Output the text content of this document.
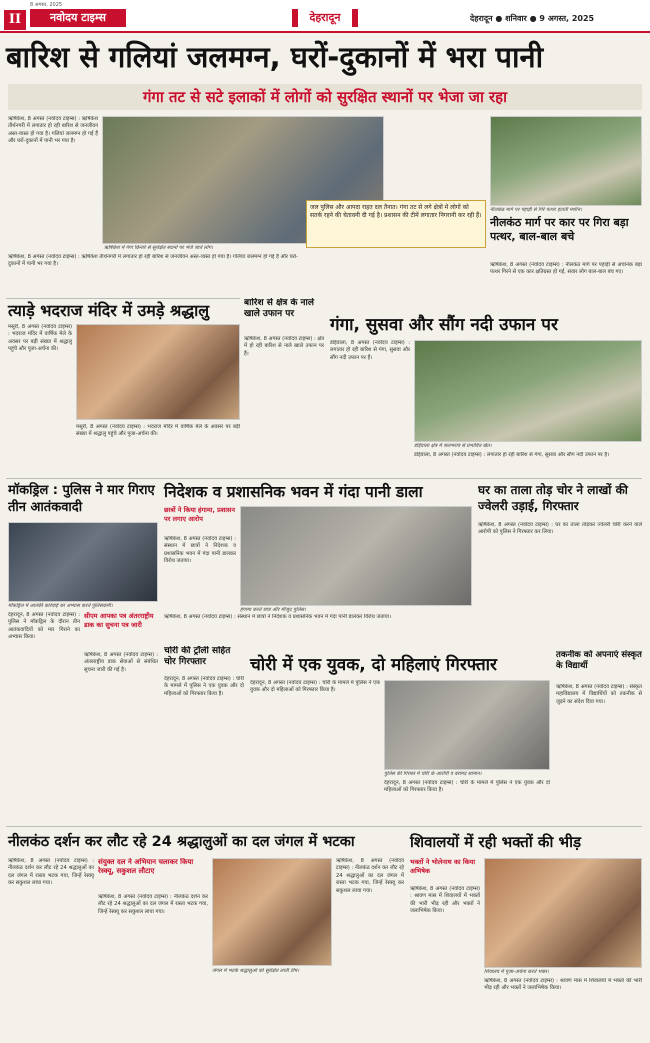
II
8 अगस्त, 2025
नवोदय टाइम्स	देहरादून	देहरादून ● शनिवार ● 9 अगस्त, 2025
बारिश से गलियां जलमग्न, घरों-दुकानों में भरा पानी
गंगा तट से सटे इलाकों में लोगों को सुरक्षित स्थानों पर भेजा जा रहा
ऋषिकेश, 8 अगस्त (नवोदय टाइम्स) : ऋषिकेश तीर्थनगरी में लगातार हो रही बारिश से जनजीवन अस्त-व्यस्त हो गया है। गलियां जलमग्न हो गई हैं और घरों-दुकानों में पानी भर गया है।
ऋषिकेश में गंगा किनारे से सुरक्षित स्थानों पर भेजे जाते लोग।
जल पुलिस और आपदा राहत दल तैनात। गंगा तट से लगे क्षेत्रों में लोगों को सतर्क रहने की चेतावनी दी गई है। प्रशासन की टीमें लगातार निगरानी कर रही हैं।
ऋषिकेश, 8 अगस्त (नवोदय टाइम्स) : ऋषिकेश तीर्थनगरी में लगातार हो रही बारिश से जनजीवन अस्त-व्यस्त हो गया है। गलियां जलमग्न हो गई हैं और घरों-दुकानों में पानी भर गया है।
नीलकंठ मार्ग पर पहाड़ी से गिरे पत्थर हटाती मशीन।
नीलकंठ मार्ग पर कार पर गिरा बड़ा पत्थर, बाल-बाल बचे
ऋषिकेश, 8 अगस्त (नवोदय टाइम्स) : नीलकंठ मार्ग पर पहाड़ी से अचानक बड़ा पत्थर गिरने से एक कार क्षतिग्रस्त हो गई, सवार लोग बाल-बाल बच गए।
त्याड़े भदराज मंदिर में उमड़े श्रद्धालु
मसूरी, 8 अगस्त (नवोदय टाइम्स) : भदराज मंदिर में वार्षिक मेले के अवसर पर बड़ी संख्या में श्रद्धालु पहुंचे और पूजा-अर्चना की।
मसूरी, 8 अगस्त (नवोदय टाइम्स) : भदराज मंदिर में वार्षिक मेले के अवसर पर बड़ी संख्या में श्रद्धालु पहुंचे और पूजा-अर्चना की।
बारिश से क्षेत्र के नाले खाले उफान पर
ऋषिकेश, 8 अगस्त (नवोदय टाइम्स) : क्षेत्र में हो रही बारिश से नाले खाले उफान पर हैं।
गंगा, सुसवा और सौंग नदी उफान पर
डोईवाला, 8 अगस्त (नवोदय टाइम्स) : लगातार हो रही बारिश से गंगा, सुसवा और सौंग नदी उफान पर हैं।
डोईवाला क्षेत्र में जलभराव से प्रभावित खेत।
डोईवाला, 8 अगस्त (नवोदय टाइम्स) : लगातार हो रही बारिश से गंगा, सुसवा और सौंग नदी उफान पर हैं।
मॉकड्रिल : पुलिस ने मार गिराए तीन आतंकवादी
मॉकड्रिल में आतंकी कार्रवाई का अभ्यास करते पुलिसकर्मी।
देहरादून, 8 अगस्त (नवोदय टाइम्स) : पुलिस ने मॉकड्रिल के दौरान तीन आतंकवादियों को मार गिराने का अभ्यास किया।
निदेशक व प्रशासनिक भवन में गंदा पानी डाला
छात्रों ने किया हंगामा, प्रशासन पर लगाए आरोप
ऋषिकेश, 8 अगस्त (नवोदय टाइम्स) : संस्थान में छात्रों ने निदेशक व प्रशासनिक भवन में गंदा पानी डालकर विरोध जताया।
हंगामा करते छात्र और मौजूद पुलिस।
ऋषिकेश, 8 अगस्त (नवोदय टाइम्स) : संस्थान में छात्रों ने निदेशक व प्रशासनिक भवन में गंदा पानी डालकर विरोध जताया।
घर का ताला तोड़ चोर ने लाखों की ज्वेलरी उड़ाई, गिरफ्तार
ऋषिकेश, 8 अगस्त (नवोदय टाइम्स) : घर का ताला तोड़कर ज्वेलरी चोरी करने वाले आरोपी को पुलिस ने गिरफ्तार कर लिया।
सीएम आपका पत्र अंतरराष्ट्रीय डाक का सुचना पत्र जारी
ऋषिकेश, 8 अगस्त (नवोदय टाइम्स) : अंतरराष्ट्रीय डाक सेवाओं से संबंधित सूचना जारी की गई है।
चोरी की ट्रॉली सहित चोर गिरफ्तार
देहरादून, 8 अगस्त (नवोदय टाइम्स) : चोरी के मामले में पुलिस ने एक युवक और दो महिलाओं को गिरफ्तार किया है।
चोरी में एक युवक, दो महिलाएं गिरफ्तार
देहरादून, 8 अगस्त (नवोदय टाइम्स) : चोरी के मामले में पुलिस ने एक युवक और दो महिलाओं को गिरफ्तार किया है।
पुलिस की गिरफ्त में चोरी के आरोपी व बरामद सामान।
देहरादून, 8 अगस्त (नवोदय टाइम्स) : चोरी के मामले में पुलिस ने एक युवक और दो महिलाओं को गिरफ्तार किया है।
तकनीक को अपनाएं संस्कृत के विद्यार्थी
ऋषिकेश, 8 अगस्त (नवोदय टाइम्स) : संस्कृत महाविद्यालय में विद्यार्थियों को तकनीक से जुड़ने का संदेश दिया गया।
नीलकंठ दर्शन कर लौट रहे 24 श्रद्धालुओं का दल जंगल में भटका
ऋषिकेश, 8 अगस्त (नवोदय टाइम्स) : नीलकंठ दर्शन कर लौट रहे 24 श्रद्धालुओं का दल जंगल में रास्ता भटक गया, जिन्हें रेस्क्यू कर सकुशल लाया गया।
संयुक्त दल ने अभियान चलाकर किया रेस्क्यू, सकुशल लौटाए
जंगल में भटके श्रद्धालुओं को सुरक्षित लाती टीम।
ऋषिकेश, 8 अगस्त (नवोदय टाइम्स) : नीलकंठ दर्शन कर लौट रहे 24 श्रद्धालुओं का दल जंगल में रास्ता भटक गया, जिन्हें रेस्क्यू कर सकुशल लाया गया।
ऋषिकेश, 8 अगस्त (नवोदय टाइम्स) : नीलकंठ दर्शन कर लौट रहे 24 श्रद्धालुओं का दल जंगल में रास्ता भटक गया, जिन्हें रेस्क्यू कर सकुशल लाया गया।
शिवालयों में रही भक्तों की भीड़
भक्तों ने भोलेनाथ का किया अभिषेक
ऋषिकेश, 8 अगस्त (नवोदय टाइम्स) : श्रावण मास में शिवालयों में भक्तों की भारी भीड़ रही और भक्तों ने जलाभिषेक किया।
शिवालय में पूजा-अर्चना करते भक्त।
ऋषिकेश, 8 अगस्त (नवोदय टाइम्स) : श्रावण मास में शिवालयों में भक्तों की भारी भीड़ रही और भक्तों ने जलाभिषेक किया।
